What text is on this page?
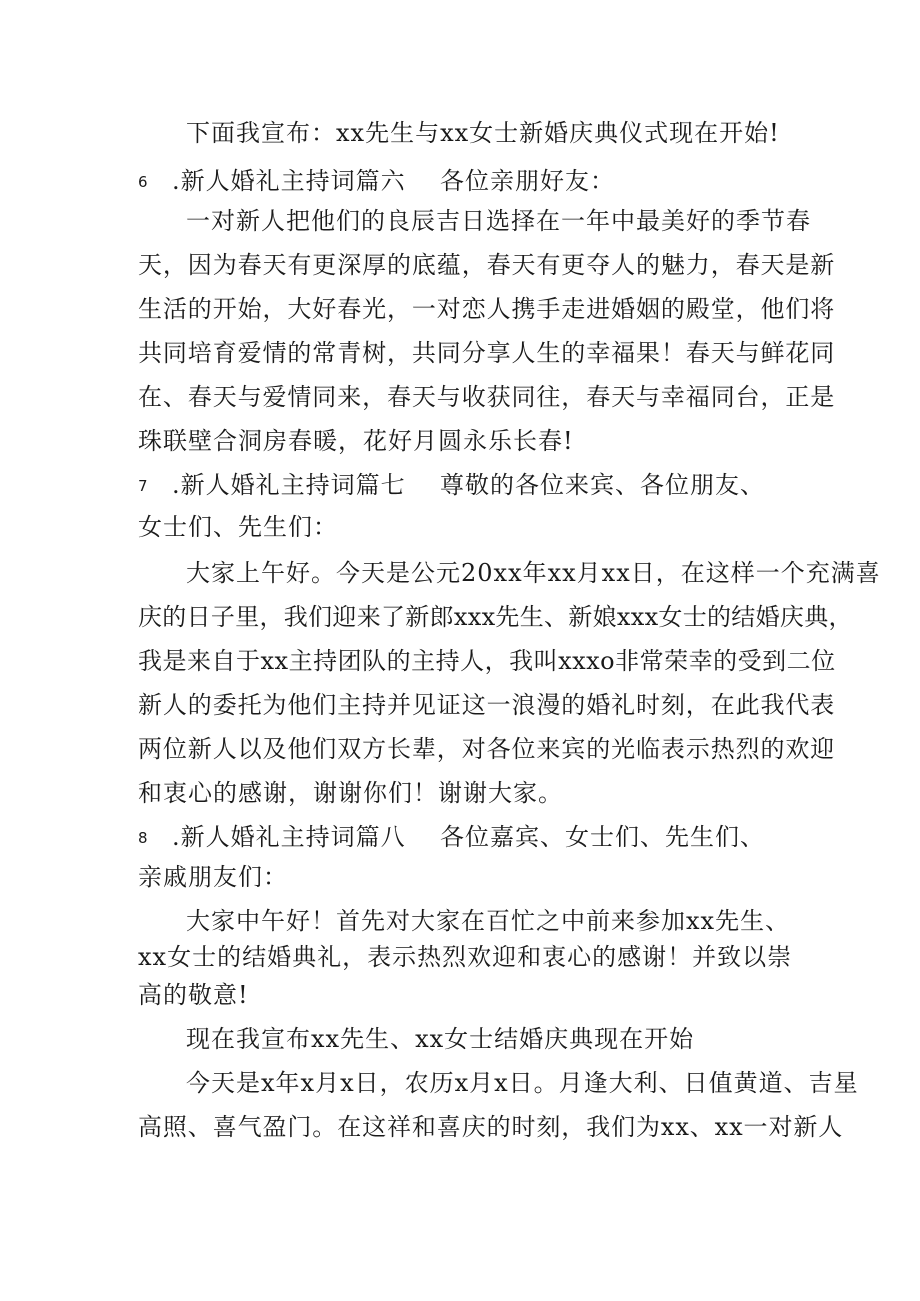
下面我宣布：xx先生与xx女士新婚庆典仪式现在开始!
6 .新人婚礼主持词篇六 各位亲朋好友：
一对新人把他们的良辰吉日选择在一年中最美好的季节春
天，因为春天有更深厚的底蕴，春天有更夺人的魅力，春天是新
生活的开始，大好春光，一对恋人携手走进婚姻的殿堂，他们将
共同培育爱情的常青树，共同分享人生的幸福果！春天与鲜花同
在、春天与爱情同来，春天与收获同往，春天与幸福同台，正是
珠联壁合洞房春暖，花好月圆永乐长春!
7 .新人婚礼主持词篇七 尊敬的各位来宾、各位朋友、
女士们、先生们：
大家上午好。今天是公元20xx年xx月xx日，在这样一个充满喜
庆的日子里，我们迎来了新郎xxx先生、新娘xxx女士的结婚庆典，
我是来自于xx主持团队的主持人，我叫xxxo非常荣幸的受到二位
新人的委托为他们主持并见证这一浪漫的婚礼时刻，在此我代表
两位新人以及他们双方长辈，对各位来宾的光临表示热烈的欢迎
和衷心的感谢，谢谢你们！谢谢大家。
8 .新人婚礼主持词篇八 各位嘉宾、女士们、先生们、
亲戚朋友们：
大家中午好！首先对大家在百忙之中前来参加xx先生、
xx女士的结婚典礼，表示热烈欢迎和衷心的感谢！并致以崇
高的敬意!
现在我宣布xx先生、xx女士结婚庆典现在开始
今天是x年x月x日，农历x月x日。月逢大利、日值黄道、吉星
高照、喜气盈门。在这祥和喜庆的时刻，我们为xx、xx一对新人
